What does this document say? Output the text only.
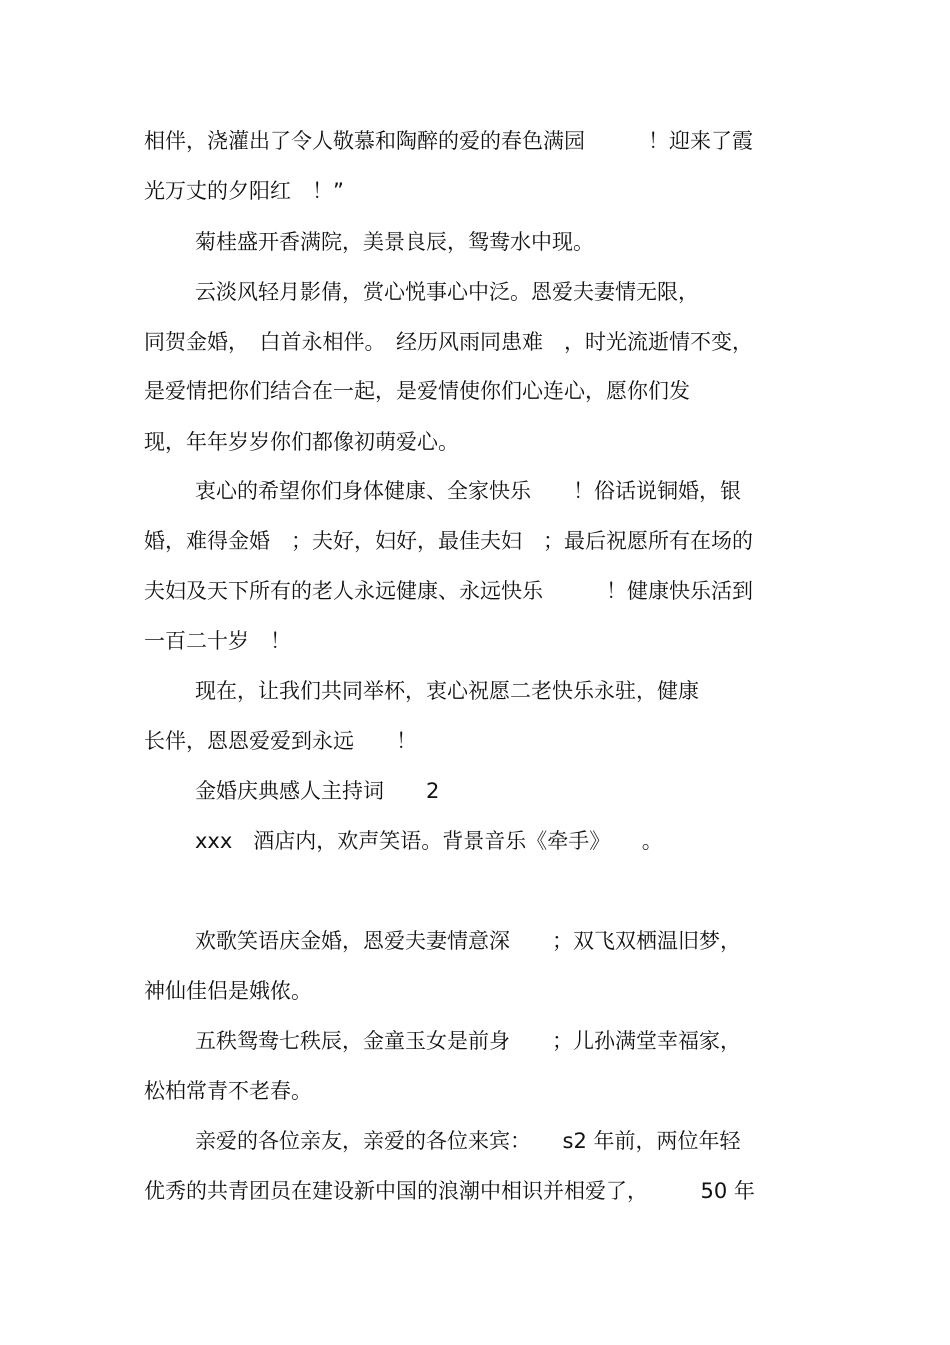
相伴，浇灌出了令人敬慕和陶醉的爱的春色满园　　　！迎来了霞
光万丈的夕阳红　！”
菊桂盛开香满院，美景良辰，鸳鸯水中现。
云淡风轻月影倩，赏心悦事心中泛。恩爱夫妻情无限，
同贺金婚，　白首永相伴。　经历风雨同患难　，时光流逝情不变，
是爱情把你们结合在一起，是爱情使你们心连心，愿你们发
现，年年岁岁你们都像初萌爱心。
衷心的希望你们身体健康、全家快乐　　！俗话说铜婚，银
婚，难得金婚　；夫好，妇好，最佳夫妇　；最后祝愿所有在场的
夫妇及天下所有的老人永远健康、永远快乐　　　！健康快乐活到
一百二十岁　！
现在，让我们共同举杯，衷心祝愿二老快乐永驻，健康
长伴，恩恩爱爱到永远　　！
金婚庆典感人主持词　　2
xxx　酒店内，欢声笑语。背景音乐《牵手》　　。
欢歌笑语庆金婚，恩爱夫妻情意深　　；双飞双栖温旧梦，
神仙佳侣是娥侬。
五秩鸳鸯七秩辰，金童玉女是前身　　；儿孙满堂幸福家，
松柏常青不老春。
亲爱的各位亲友，亲爱的各位来宾：　　s2 年前，两位年轻
优秀的共青团员在建设新中国的浪潮中相识并相爱了，　　　50 年
